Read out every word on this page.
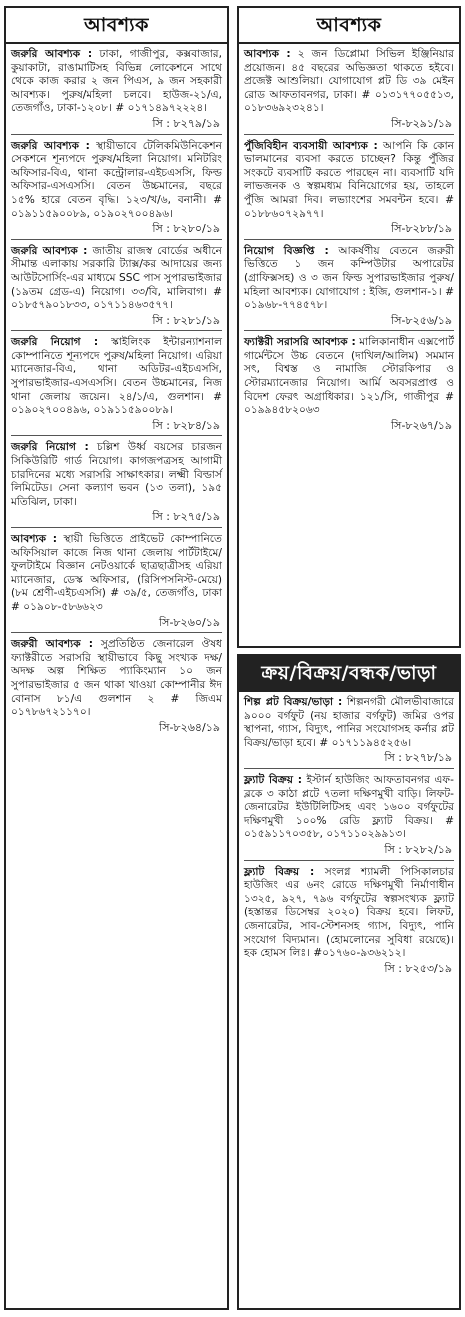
আবশ্যক
জরুরি আবশ্যক : ঢাকা, গাজীপুর, কক্সবাজার, কুয়াকাটা, রাঙামাটিসহ বিভিন্ন লোকেশনে সাথে থেকে কাজ করার ২ জন পিএস, ৯ জন সহকারী আবশ্যক। পুরুষ/মহিলা চলবে। হাউজ-২১/এ, তেজগাঁও, ঢাকা-১২০৮। # ০১৭১৪৯৭২২২৪।
সি : ৮২৭৯/১৯
জরুরি আবশ্যক : স্থায়ীভাবে টেলিকমিউনিকেশন সেকশনে শূন্যপদে পুরুষ/মহিলা নিয়োগ। মনিটরিং অফিসার-বিএ, থানা কন্ট্রোলার-এইচএসসি, ফিল্ড অফিসার-এসএসসি। বেতন উচ্চমানের, বছরে ১৫% হারে বেতন বৃদ্ধি। ১২৩/খ/৬, বনানী। # ০১৯১১৫৯০০৮৯, ০১৯০২৭০০৪৯৬।
সি : ৮২৮০/১৯
জরুরি আবশ্যক : জাতীয় রাজস্ব বোর্ডের অধীনে সীমান্ত এলাকায় সরকারি ট্যাক্স/কর আদায়ের জন্য আউটসোর্সিং-এর মাধ্যমে SSC পাস সুপারভাইজার (১৯তম গ্রেড-এ) নিয়োগ। ৩৩/বি, মালিবাগ। # ০১৮৫৭৯০১৮৩৩, ০১৭১১৪৬৩৫৭৭।
সি : ৮২৮১/১৯
জরুরি নিয়োগ : স্কাইলিংক ইন্টারন্যাশনাল কোম্পানিতে শূন্যপদে পুরুষ/মহিলা নিয়োগ। এরিয়া ম্যানেজার-বিএ, থানা অডিটর-এইচএসসি, সুপারভাইজার-এসএসসি। বেতন উচ্চমানের, নিজ থানা জেলায় জয়েন। ২৪/১/এ, গুলশান। # ০১৯০২৭০০৪৯৬, ০১৯১১৫৯০০৮৯।
সি : ৮২৮৪/১৯
জরুরি নিয়োগ : চল্লিশ উর্ধ্ব বয়সের চারজন সিকিউরিটি গার্ড নিয়োগ। কাগজপত্রসহ আগামী চারদিনের মধ্যে সরাসরি সাক্ষাৎকার। লক্ষ্মী বিল্ডার্স লিমিটেড। সেনা কল্যাণ ভবন (১৩ তলা), ১৯৫ মতিঝিল, ঢাকা।
সি : ৮২৭৫/১৯
আবশ্যক : স্থায়ী ভিত্তিতে প্রাইভেট কোম্পানিতে অফিসিয়াল কাজে নিজ থানা জেলায় পার্টটাইমে/ফুলটাইমে বিজ্ঞান নেটওয়ার্কে ছাত্রছাত্রীসহ এরিয়া ম্যানেজার, ডেস্ক অফিসার, (রিসিপসনিস্ট-মেয়ে) (৮ম শ্রেণী-এইচএসসি) # ৩৯/৫, তেজগাঁও, ঢাকা # ০১৯০৮-৫৮৬৬২৩
সি-৮২৬০/১৯
জরুরী আবশ্যক : সুপ্রতিষ্ঠিত জেনারেল ঔষধ ফ্যাক্টরীতে সরাসরি স্থায়ীভাবে কিছু সংখ্যক দক্ষ/অদক্ষ অল্প শিক্ষিত প্যাকিংম্যান ১০ জন সুপারভাইজার ৫ জন থাকা খাওয়া কোম্পানীর ঈদ বোনাস ৮১/এ গুলশান ২ # জিএম ০১৭৮৬৭২১১৭০।
সি-৮২৬৪/১৯
আবশ্যক
আবশ্যক : ২ জন ডিপ্লোমা সিভিল ইঞ্জিনিয়ার প্রয়োজন। ৪৫ বছরের অভিজ্ঞতা থাকতে হইবে। প্রজেক্ট আশুলিয়া। যোগাযোগ প্লট ডি ৩৯ মেইন রোড আফতাবনগর, ঢাকা। # ০১৩১৭৭০৫৫১৩, ০১৮৩৬৯২৩২৪১।
সি-৮২৯১/১৯
পুঁজিবিহীন ব্যবসায়ী আবশ্যক : আপনি কি কোন ভালমানের ব্যবসা করতে চাচ্ছেন? কিন্তু পুঁজির সংকটে ব্যবসাটি করতে পারছেন না। ব্যবসাটি যদি লাভজনক ও স্বল্পমধ্যম বিনিয়োগের হয়, তাহলে পুঁজি আমরা দিব। লভ্যাংশের সমবন্টন হবে। # ০১৮৮৬০৭২৯৭৭।
সি-৮২৮৮/১৯
নিয়োগ বিজ্ঞপ্তি : আকর্ষণীয় বেতনে জরুরী ভিত্তিতে ১ জন কম্পিউটার অপারেটর (গ্রাফিক্সসহ) ও ৩ জন ফিল্ড সুপারভাইজার পুরুষ/মহিলা আবশ্যক। যোগাযোগ : ইজি, গুলশান-১। # ০১৯৬৮-৭৭৪৫৭৮।
সি-৮২৫৬/১৯
ফ্যাক্টরী সরাসরি আবশ্যক : মালিকানাধীন এক্সপোর্ট গার্মেন্টসে উচ্চ বেতনে (দাখিল/আলিম) সমমান সৎ, বিশ্বস্ত ও নামাজি স্টোরকিপার ও স্টোরম্যানেজার নিয়োগ। আর্মি অবসরপ্রাপ্ত ও বিদেশ ফেরৎ অগ্রাধিকার। ১২১/সি, গাজীপুর # ০১৯৯৪৫৮২০৬৩
সি-৮২৬৭/১৯
ক্রয়/বিক্রয়/বন্ধক/ভাড়া
শিল্প প্লট বিক্রয়/ভাড়া : শিল্পনগরী মৌলভীবাজারে ৯০০০ বর্গফুট (নয় হাজার বর্গফুট) জমির ওপর স্থাপনা, গ্যাস, বিদ্যুৎ, পানির সংযোগসহ কর্নার প্লট বিক্রয়/ভাড়া হবে। # ০১৭১১৯৪৫২৫৬।
সি : ৮২৭৮/১৯
ফ্ল্যাট বিক্রয় : ইস্টার্ন হাউজিং আফতাবনগর এফ-ব্লকে ৩ কাঠা প্লটে ৭তলা দক্ষিণমুখী বাড়ি। লিফট-জেনারেটর ইউটিলিটিসহ এবং ১৬০০ বর্গফুটের দক্ষিণমুখী ১০০% রেডি ফ্ল্যাট বিক্রয়। # ০১৫৯১১৭০৩৫৮, ০১৭১১০২৯৯১৩।
সি : ৮২৮২/১৯
ফ্ল্যাট বিক্রয় : সংলগ্ন শ্যামলী পিসিকালচার হাউজিং এর ৬নং রোডে দক্ষিণমুখী নির্মাণাধীন ১৩২৫, ৯২৭, ৭৯৬ বর্গফুটের স্বল্পসংখ্যক ফ্ল্যাট (হস্তান্তর ডিসেম্বর ২০২০) বিক্রয় হবে। লিফট, জেনারেটর, সাব-স্টেশনসহ গ্যাস, বিদ্যুৎ, পানি সংযোগ বিদ্যমান। (হোমলোনের সুবিধা রয়েছে)। হক হোমস লিঃ। #০১৭৬০-৯৩৬২১২।
সি : ৮২৫৩/১৯
